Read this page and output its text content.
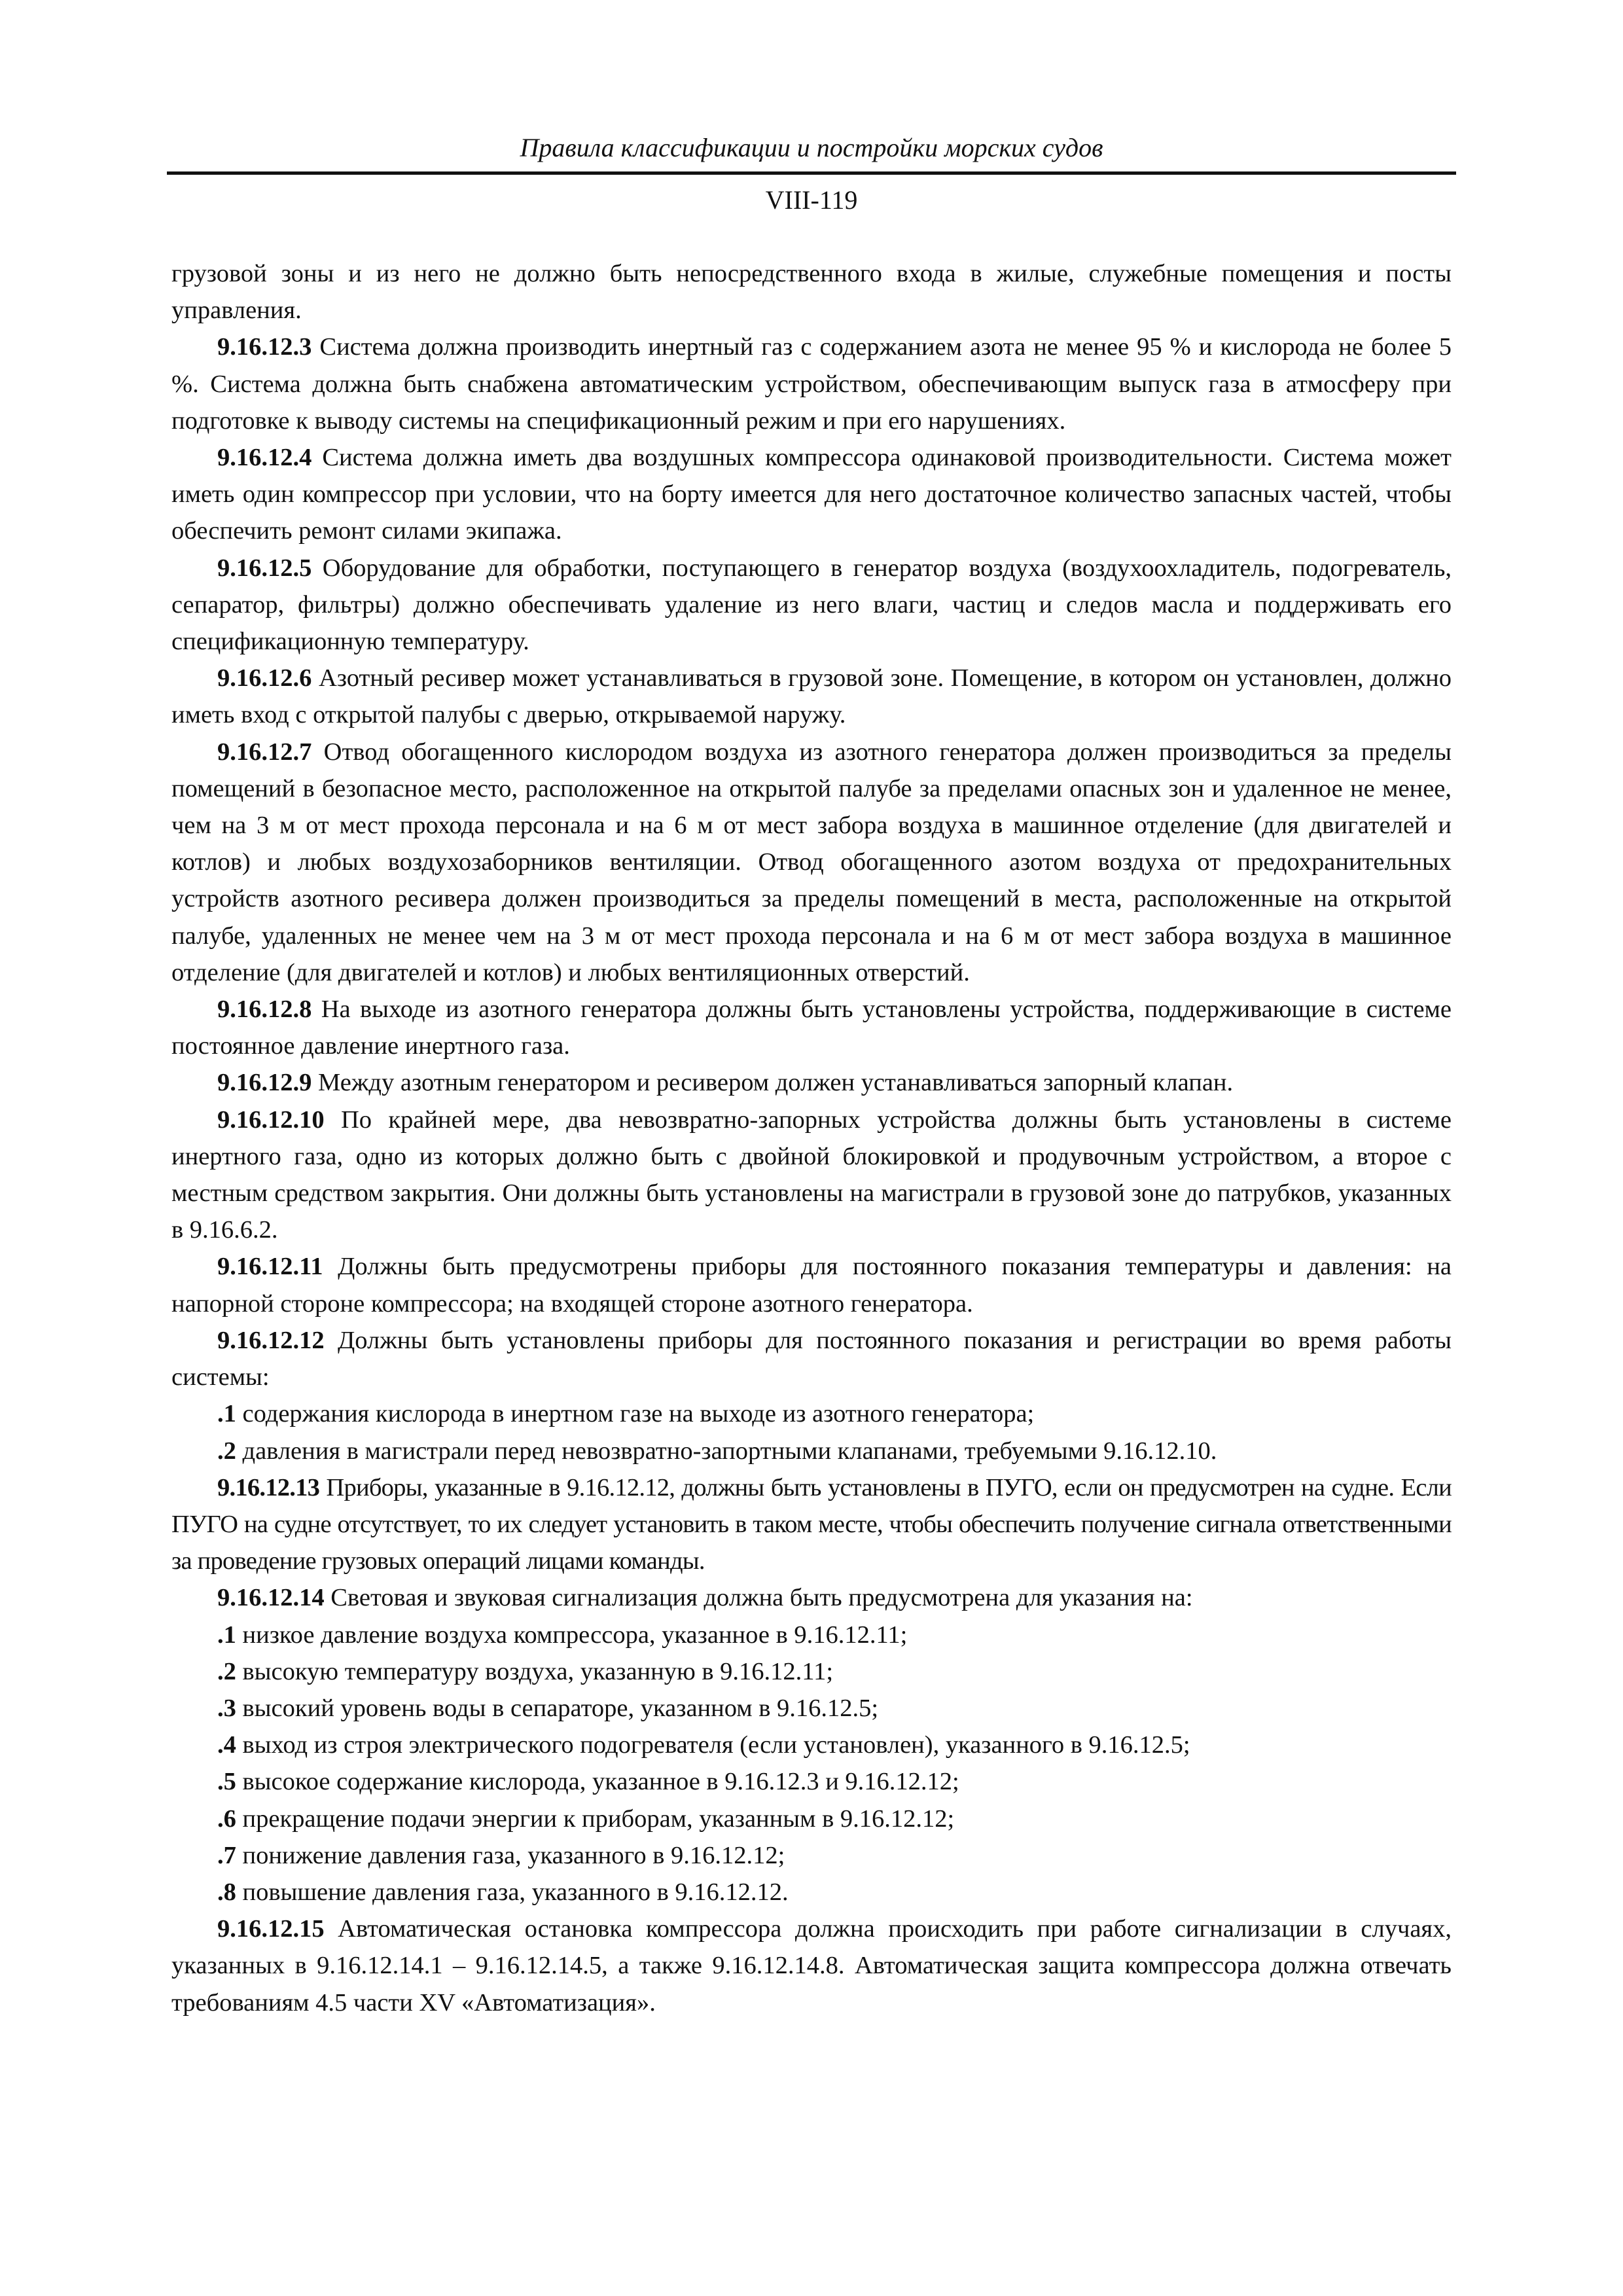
Правила классификации и постройки морских судов
VIII-119

грузовой зоны и из него не должно быть непосредственного входа в жилые, служебные помещения и посты управления.

9.16.12.3 Система должна производить инертный газ с содержанием азота не менее 95 % и кислорода не более 5 %. Система должна быть снабжена автоматическим устройством, обеспечивающим выпуск газа в атмосферу при подготовке к выводу системы на спецификационный режим и при его нарушениях.

9.16.12.4 Система должна иметь два воздушных компрессора одинаковой производительности. Система может иметь один компрессор при условии, что на борту имеется для него достаточное количество запасных частей, чтобы обеспечить ремонт силами экипажа.

9.16.12.5 Оборудование для обработки, поступающего в генератор воздуха (воздухоохладитель, подогреватель, сепаратор, фильтры) должно обеспечивать удаление из него влаги, частиц и следов масла и поддерживать его спецификационную температуру.

9.16.12.6 Азотный ресивер может устанавливаться в грузовой зоне. Помещение, в котором он установлен, должно иметь вход с открытой палубы с дверью, открываемой наружу.

9.16.12.7 Отвод обогащенного кислородом воздуха из азотного генератора должен производиться за пределы помещений в безопасное место, расположенное на открытой палубе за пределами опасных зон и удаленное не менее, чем на 3 м от мест прохода персонала и на 6 м от мест забора воздуха в машинное отделение (для двигателей и котлов) и любых воздухозаборников вентиляции. Отвод обогащенного азотом воздуха от предохранительных устройств азотного ресивера должен производиться за пределы помещений в места, расположенные на открытой палубе, удаленных не менее чем на 3 м от мест прохода персонала и на 6 м от мест забора воздуха в машинное отделение (для двигателей и котлов) и любых вентиляционных отверстий.

9.16.12.8 На выходе из азотного генератора должны быть установлены устройства, поддерживающие в системе постоянное давление инертного газа.

9.16.12.9 Между азотным генератором и ресивером должен устанавливаться запорный клапан.

9.16.12.10 По крайней мере, два невозвратно-запорных устройства должны быть установлены в системе инертного газа, одно из которых должно быть с двойной блокировкой и продувочным устройством, а второе с местным средством закрытия. Они должны быть установлены на магистрали в грузовой зоне до патрубков, указанных в 9.16.6.2.

9.16.12.11 Должны быть предусмотрены приборы для постоянного показания температуры и давления: на напорной стороне компрессора; на входящей стороне азотного генератора.

9.16.12.12 Должны быть установлены приборы для постоянного показания и регистрации во время работы системы:

.1 содержания кислорода в инертном газе на выходе из азотного генератора;

.2 давления в магистрали перед невозвратно-запортными клапанами, требуемыми 9.16.12.10.

9.16.12.13 Приборы, указанные в 9.16.12.12, должны быть установлены в ПУГО, если он предусмотрен на судне. Если ПУГО на судне отсутствует, то их следует установить в таком месте, чтобы обеспечить получение сигнала ответственными за проведение грузовых операций лицами команды.

9.16.12.14 Световая и звуковая сигнализация должна быть предусмотрена для указания на:

.1 низкое давление воздуха компрессора, указанное в 9.16.12.11;

.2 высокую температуру воздуха, указанную в 9.16.12.11;

.3 высокий уровень воды в сепараторе, указанном в 9.16.12.5;

.4 выход из строя электрического подогревателя (если установлен), указанного в 9.16.12.5;

.5 высокое содержание кислорода, указанное в 9.16.12.3 и 9.16.12.12;

.6 прекращение подачи энергии к приборам, указанным в 9.16.12.12;

.7 понижение давления газа, указанного в 9.16.12.12;

.8 повышение давления газа, указанного в 9.16.12.12.

9.16.12.15 Автоматическая остановка компрессора должна происходить при работе сигнализации в случаях, указанных в 9.16.12.14.1 – 9.16.12.14.5, а также 9.16.12.14.8. Автоматическая защита компрессора должна отвечать требованиям 4.5 части XV «Автоматизация».
